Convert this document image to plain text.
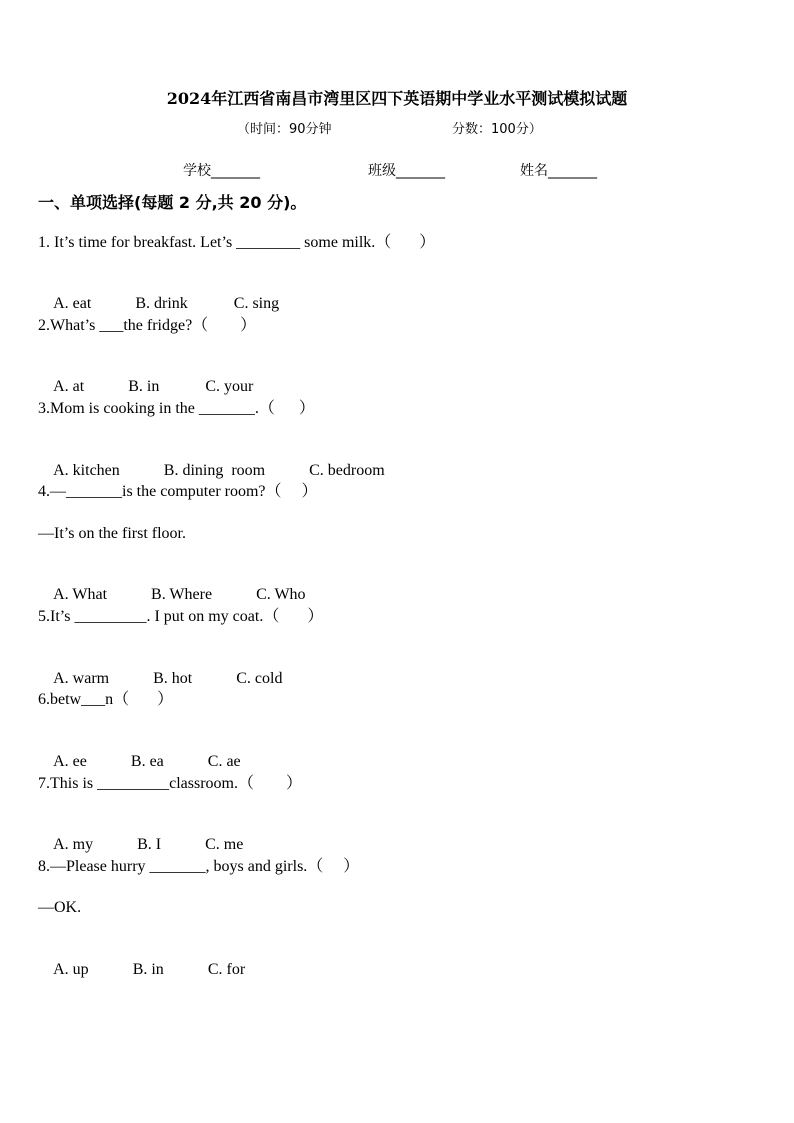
2024年江西省南昌市湾里区四下英语期中学业水平测试模拟试题
（时间：90分钟	分数：100分）
学校_______	班级_______	姓名_______
一、单项选择(每题 2 分,共 20 分)。
1. It’s time for breakfast. Let’s ________ some milk.（       ）

A. eat	B. drink	C. sing

2.What’s ___the fridge?（        ）

A. at	B. in	C. your

3.Mom is cooking in the _______.（      ）

A. kitchen	B. dining  room	C. bedroom

4.—_______is the computer room?（     ）
—It’s on the first floor.

A. What	B. Where	C. Who

5.It’s _________. I put on my coat.（       ）

A. warm	B. hot	C. cold

6.betw___n（       ）

A. ee	B. ea	C. ae

7.This is _________classroom.（        ）

A. my	B. I	C. me

8.—Please hurry _______, boys and girls.（     ）
—OK.

A. up	B. in	C. for
